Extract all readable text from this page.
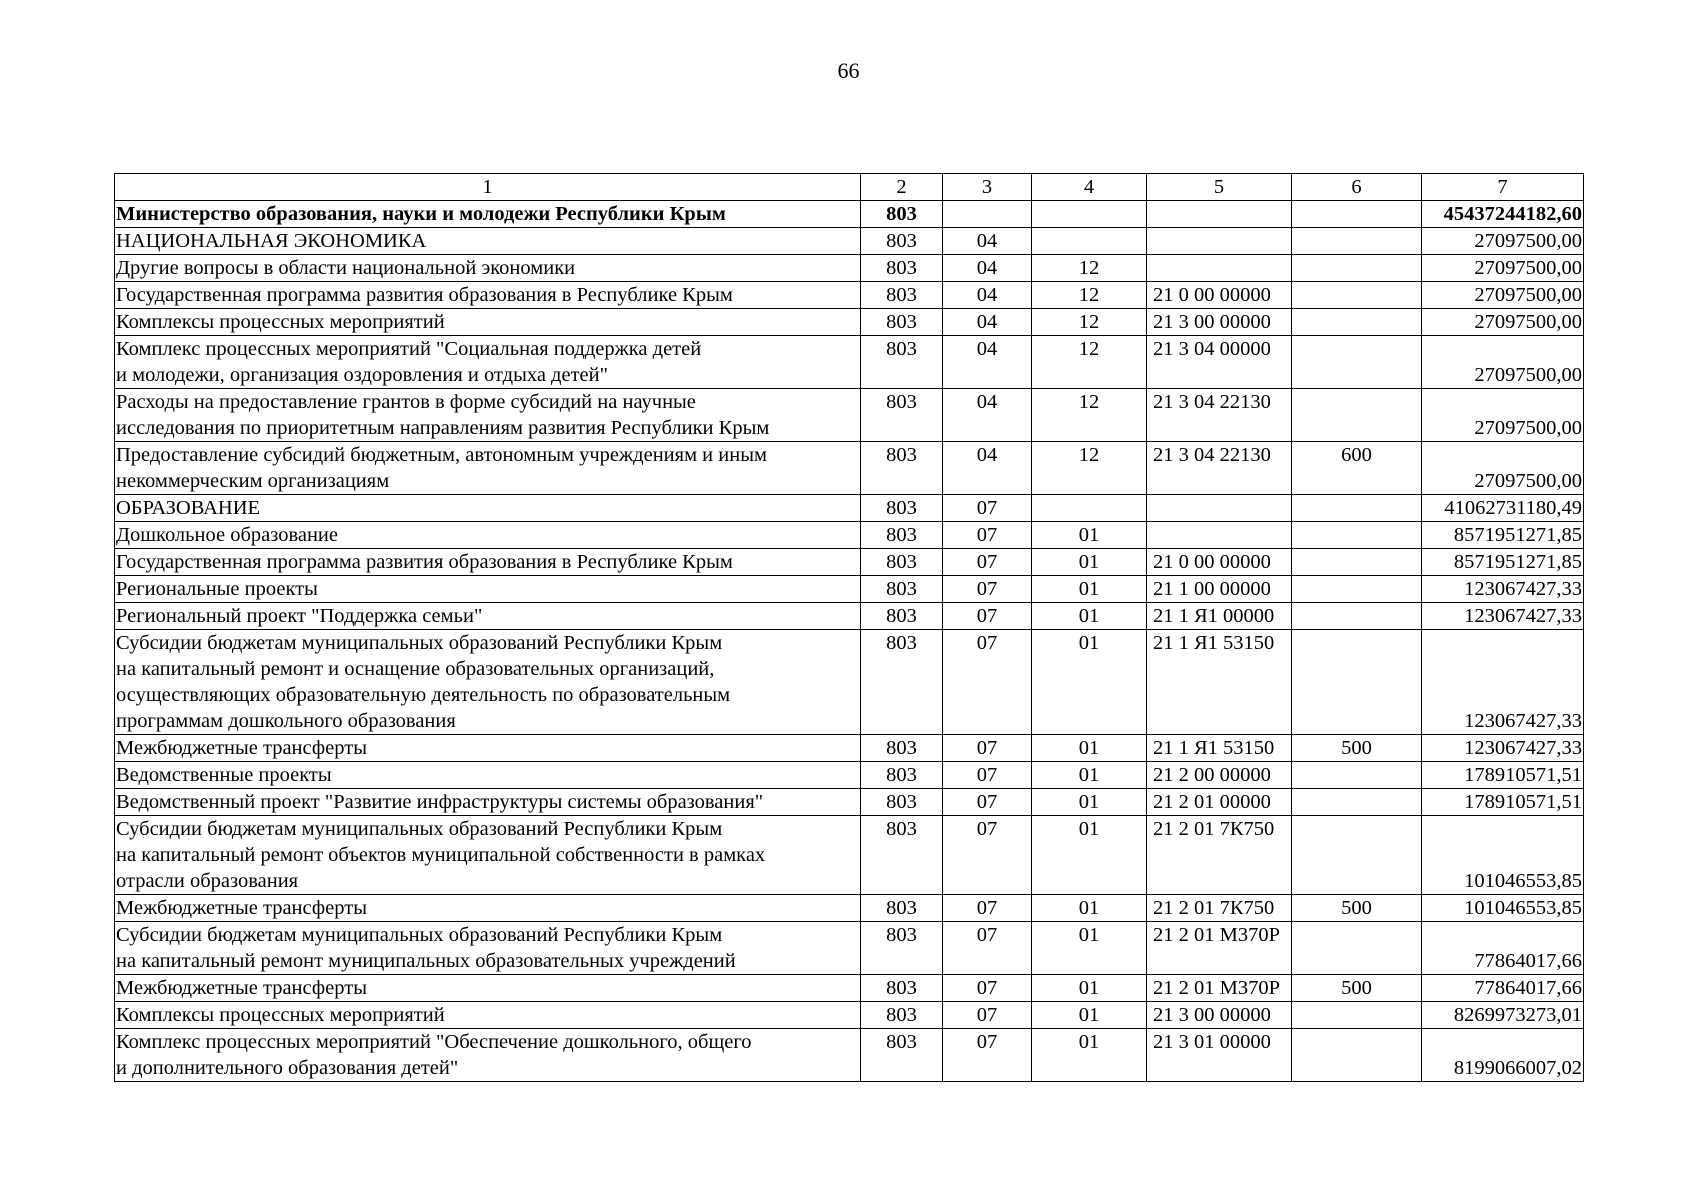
66
1	2	3	4	5	6	7
Министерство образования, науки и молодежи Республики Крым	803					45437244182,60
НАЦИОНАЛЬНАЯ ЭКОНОМИКА	803	04				27097500,00
Другие вопросы в области национальной экономики	803	04	12			27097500,00
Государственная программа развития образования в Республике Крым	803	04	12	21 0 00 00000		27097500,00
Комплексы процессных мероприятий	803	04	12	21 3 00 00000		27097500,00
Комплекс процессных мероприятий "Социальная поддержка детей
и молодежи, организация оздоровления и отдыха детей"	803	04	12	21 3 04 00000		27097500,00
Расходы на предоставление грантов в форме субсидий на научные
исследования по приоритетным направлениям развития Республики Крым	803	04	12	21 3 04 22130		27097500,00
Предоставление субсидий бюджетным, автономным учреждениям и иным
некоммерческим организациям	803	04	12	21 3 04 22130	600	27097500,00
ОБРАЗОВАНИЕ	803	07				41062731180,49
Дошкольное образование	803	07	01			8571951271,85
Государственная программа развития образования в Республике Крым	803	07	01	21 0 00 00000		8571951271,85
Региональные проекты	803	07	01	21 1 00 00000		123067427,33
Региональный проект "Поддержка семьи"	803	07	01	21 1 Я1 00000		123067427,33
Субсидии бюджетам муниципальных образований Республики Крым
на капитальный ремонт и оснащение образовательных организаций,
осуществляющих образовательную деятельность по образовательным
программам дошкольного образования	803	07	01	21 1 Я1 53150		123067427,33
Межбюджетные трансферты	803	07	01	21 1 Я1 53150	500	123067427,33
Ведомственные проекты	803	07	01	21 2 00 00000		178910571,51
Ведомственный проект "Развитие инфраструктуры системы образования"	803	07	01	21 2 01 00000		178910571,51
Субсидии бюджетам муниципальных образований Республики Крым
на капитальный ремонт объектов муниципальной собственности в рамках
отрасли образования	803	07	01	21 2 01 7К750		101046553,85
Межбюджетные трансферты	803	07	01	21 2 01 7К750	500	101046553,85
Субсидии бюджетам муниципальных образований Республики Крым
на капитальный ремонт муниципальных образовательных учреждений	803	07	01	21 2 01 М370Р		77864017,66
Межбюджетные трансферты	803	07	01	21 2 01 М370Р	500	77864017,66
Комплексы процессных мероприятий	803	07	01	21 3 00 00000		8269973273,01
Комплекс процессных мероприятий "Обеспечение дошкольного, общего
и дополнительного образования детей"	803	07	01	21 3 01 00000		8199066007,02
